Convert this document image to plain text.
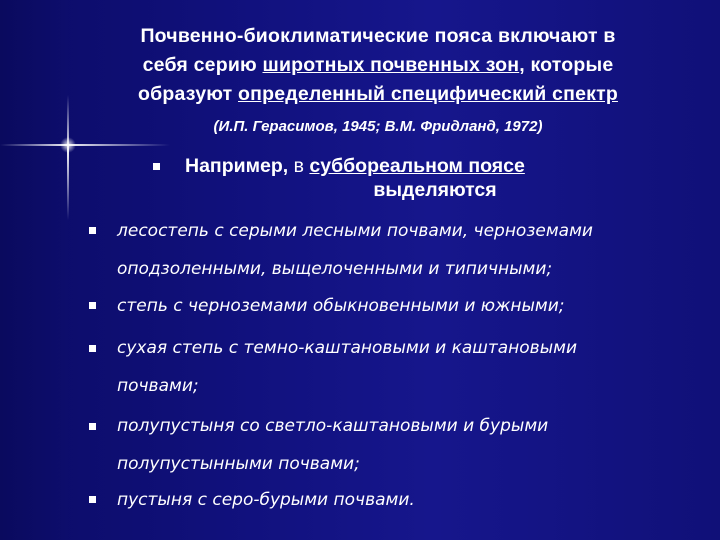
Почвенно-биоклиматические пояса включают в
себя серию широтных почвенных зон, которые
образуют определенный специфический спектр
(И.П. Герасимов, 1945; В.М. Фридланд, 1972)
Например, в суббореальном поясе
выделяются
лесостепь с серыми лесными почвами, черноземами
оподзоленными, выщелоченными и типичными;
степь с черноземами обыкновенными и южными;
сухая степь с темно-каштановыми и каштановыми
почвами;
полупустыня со светло-каштановыми и бурыми
полупустынными почвами;
пустыня с серо-бурыми почвами.
